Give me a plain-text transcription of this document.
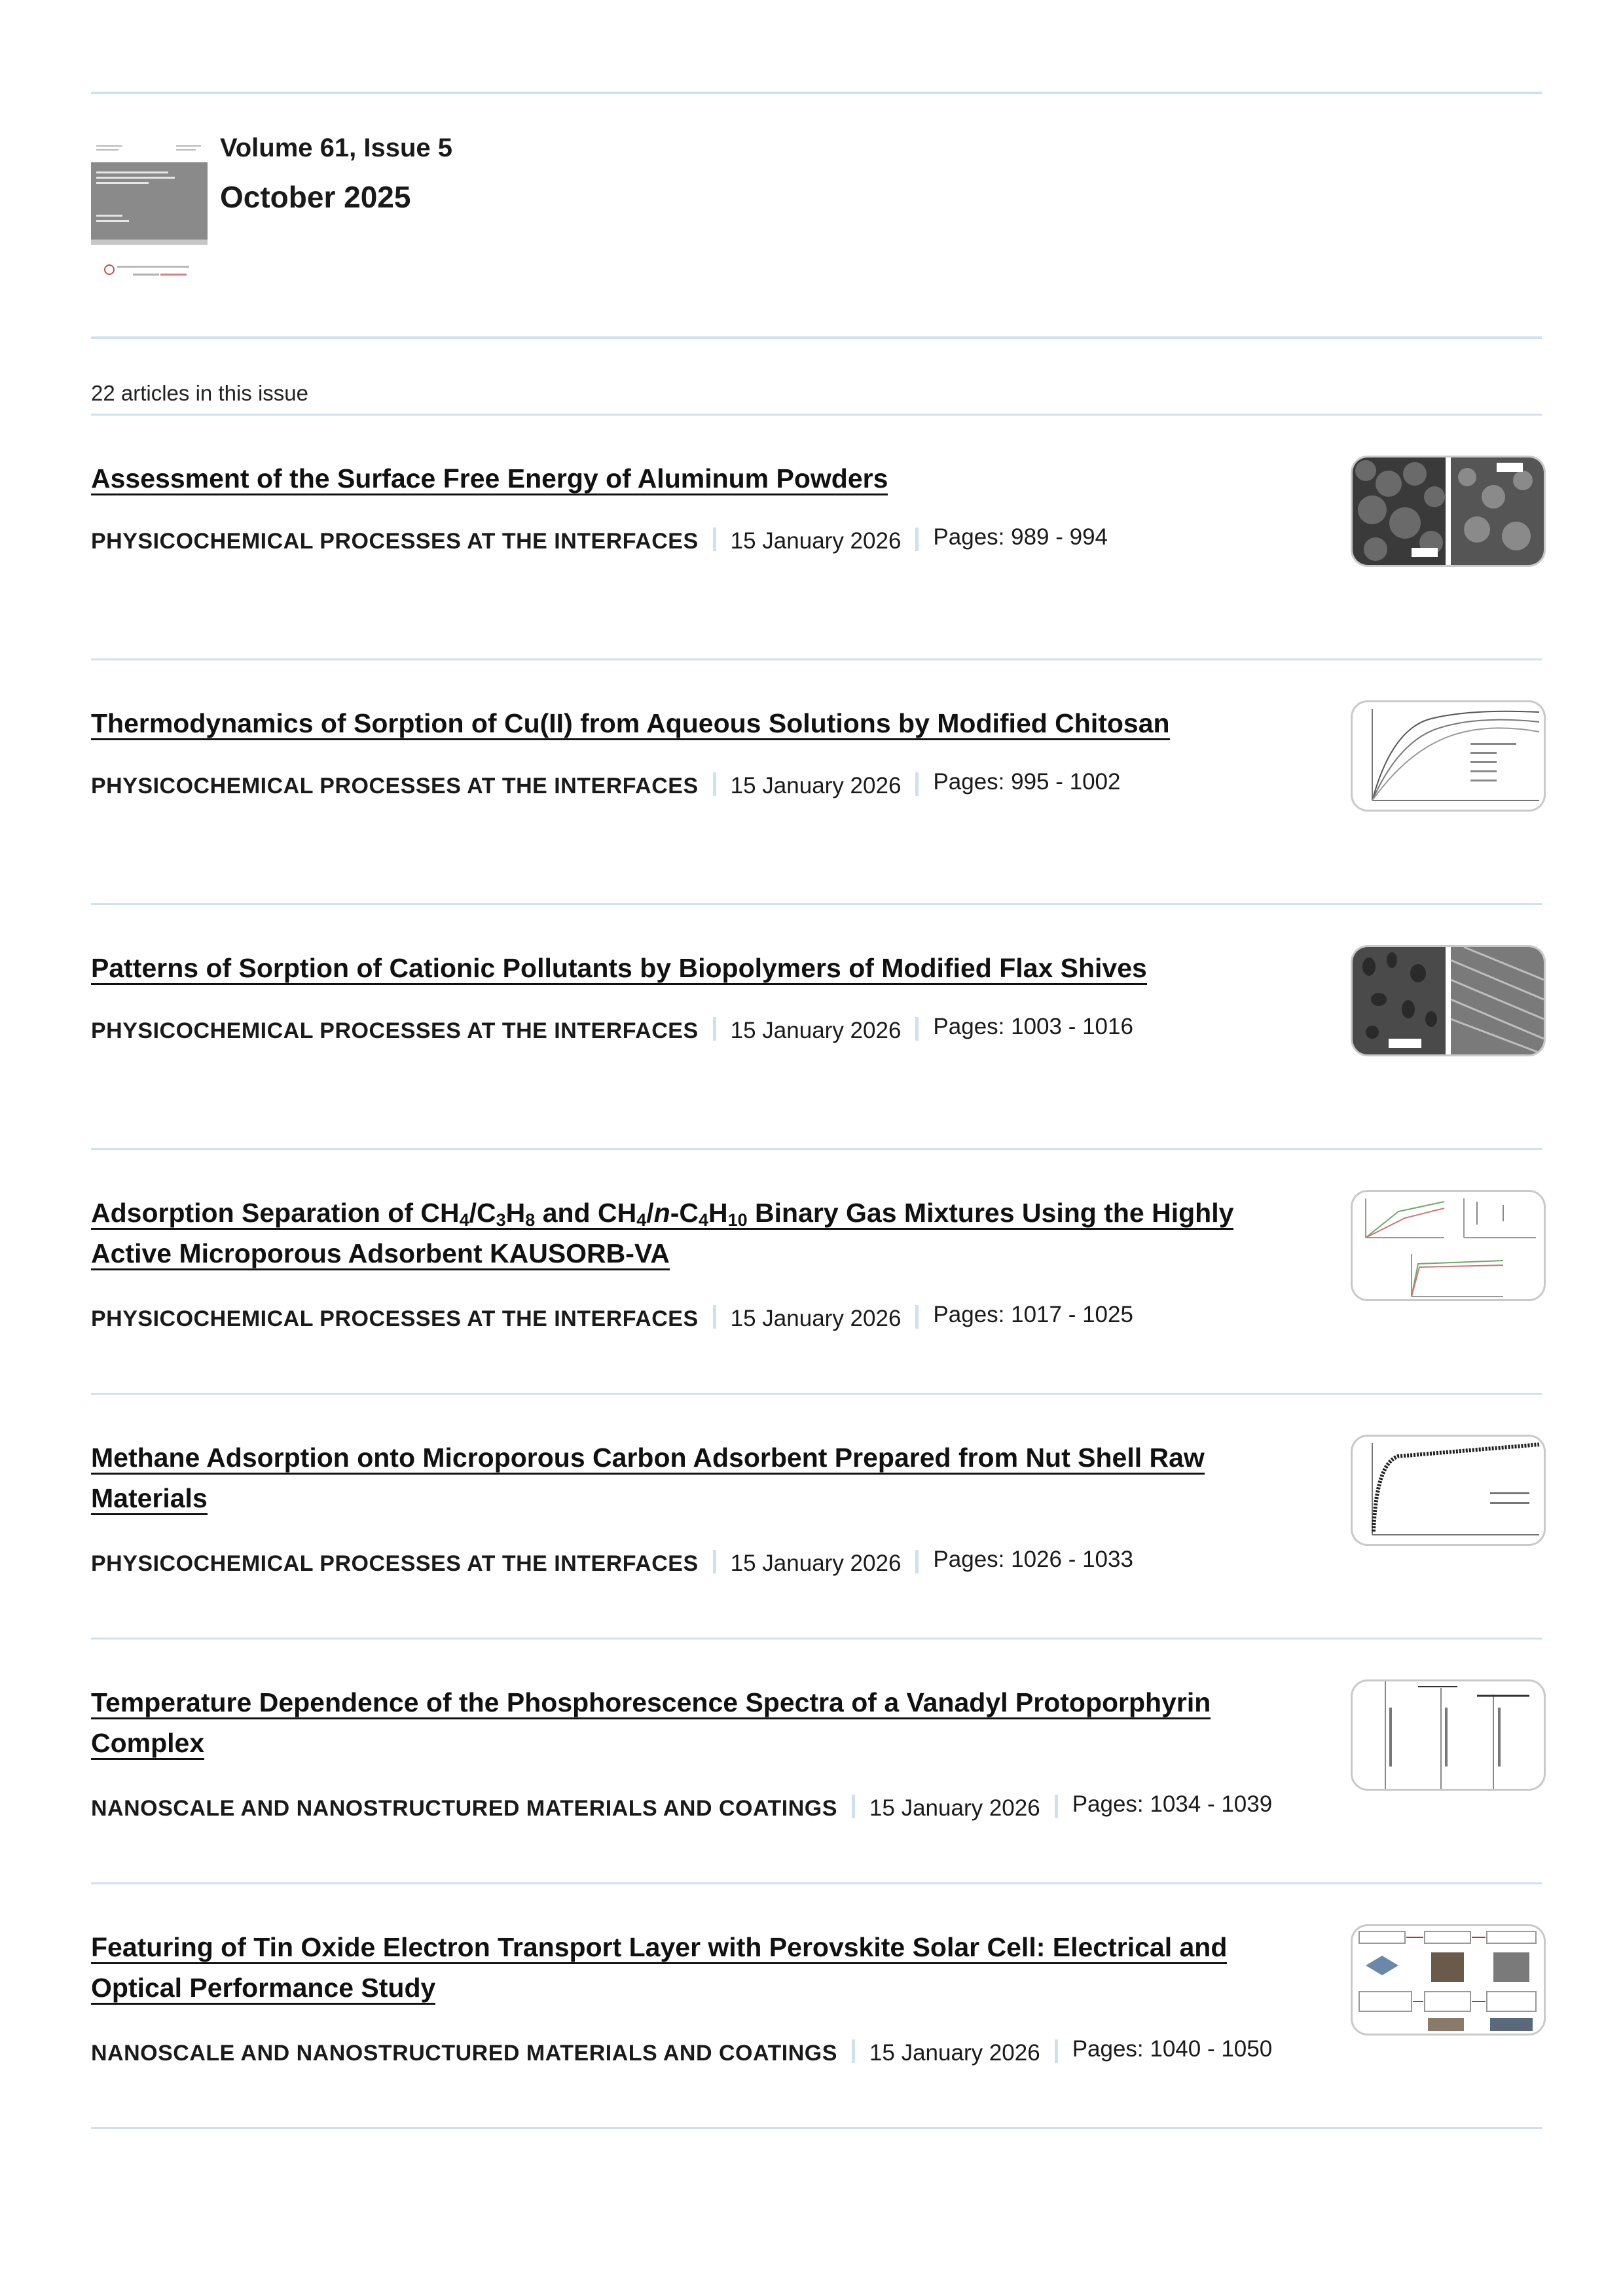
Volume 61, Issue 5
October 2025
22 articles in this issue
Assessment of the Surface Free Energy of Aluminum Powders
PHYSICOCHEMICAL PROCESSES AT THE INTERFACES 15 January 2026 Pages: 989 - 994
Thermodynamics of Sorption of Cu(II) from Aqueous Solutions by Modified Chitosan
PHYSICOCHEMICAL PROCESSES AT THE INTERFACES 15 January 2026 Pages: 995 - 1002
Patterns of Sorption of Cationic Pollutants by Biopolymers of Modified Flax Shives
PHYSICOCHEMICAL PROCESSES AT THE INTERFACES 15 January 2026 Pages: 1003 - 1016
Adsorption Separation of $CH_4/C_3H_8$ and $CH_4/n-C_4H_{10}$ Binary Gas Mixtures Using the Highly Active Microporous Adsorbent KAUSORB-VA
PHYSICOCHEMICAL PROCESSES AT THE INTERFACES 15 January 2026 Pages: 1017 - 1025
Methane Adsorption onto Microporous Carbon Adsorbent Prepared from Nut Shell Raw Materials
PHYSICOCHEMICAL PROCESSES AT THE INTERFACES 15 January 2026 Pages: 1026 - 1033
Temperature Dependence of the Phosphorescence Spectra of a Vanadyl Protoporphyrin Complex
NANOSCALE AND NANOSTRUCTURED MATERIALS AND COATINGS 15 January 2026 Pages: 1034 - 1039
Featuring of Tin Oxide Electron Transport Layer with Perovskite Solar Cell: Electrical and Optical Performance Study
NANOSCALE AND NANOSTRUCTURED MATERIALS AND COATINGS 15 January 2026 Pages: 1040 - 1050
